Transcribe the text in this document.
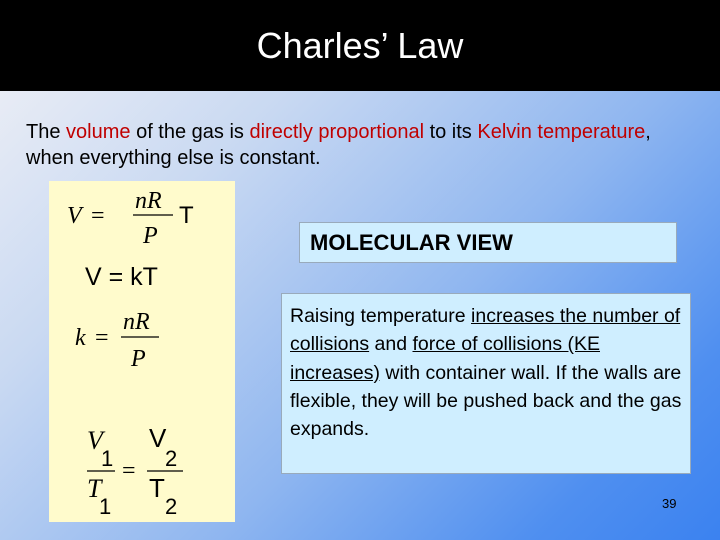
Charles’ Law
The volume of the gas is directly proportional to its Kelvin temperature, when everything else is constant.
V =
nR
P
T
V = kT
k =
nR
P
V
1
T
1
=
V
2
T
2
MOLECULAR VIEW
Raising temperature increases the number of collisions and force of collisions (KE increases) with container wall. If the walls are flexible, they will be pushed back and the gas expands.
39
